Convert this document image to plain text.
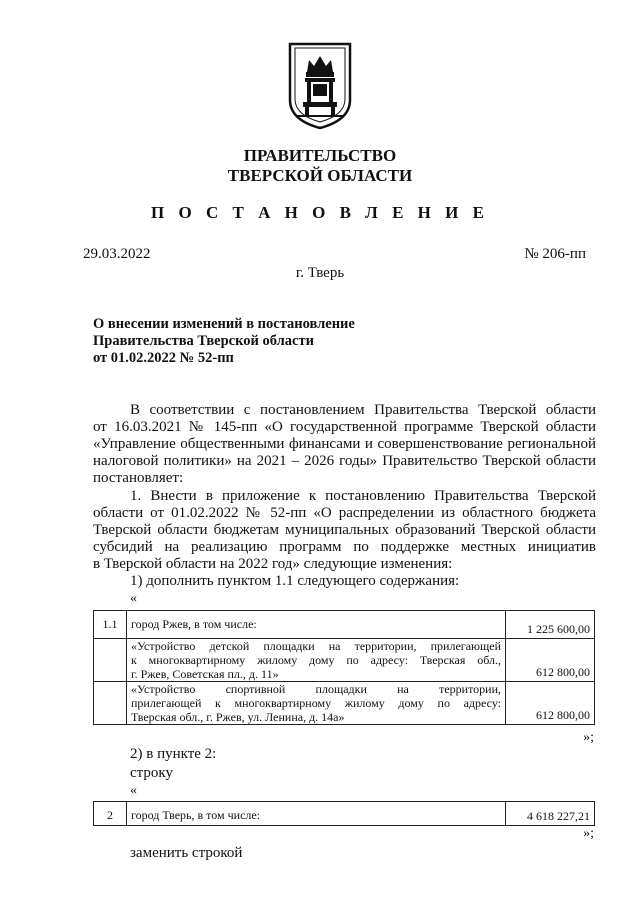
ПРАВИТЕЛЬСТВО
ТВЕРСКОЙ ОБЛАСТИ
П О С Т А Н О В Л Е Н И Е
29.03.2022	№ 206-пп
г. Тверь
О внесении изменений в постановление
Правительства Тверской области
от 01.02.2022 № 52-пп
В соответствии с постановлением Правительства Тверской области
от 16.03.2021 № 145-пп «О государственной программе Тверской области
«Управление общественными финансами и совершенствование региональной
налоговой политики» на 2021 – 2026 годы» Правительство Тверской области
постановляет:
1. Внести в приложение к постановлению Правительства Тверской
области от 01.02.2022 № 52-пп «О распределении из областного бюджета
Тверской области бюджетам муниципальных образований Тверской области
субсидий на реализацию программ по поддержке местных инициатив
в Тверской области на 2022 год» следующие изменения:
1) дополнить пунктом 1.1 следующего содержания:
«
1.1	город Ржев, в том числе:	1 225 600,00

	«Устройство детской площадки на территории, прилегающей
к многоквартирному жилому дому по адресу: Тверская обл.,
г. Ржев, Советская пл., д. 11»	612 800,00

	«Устройство спортивной площадки на территории,
прилегающей к многоквартирному жилому дому по адресу:
Тверская обл., г. Ржев, ул. Ленина, д. 14а»	612 800,00
»;
2) в пункте 2:
строку
«
2	город Тверь, в том числе:	4 618 227,21
»;
заменить строкой
